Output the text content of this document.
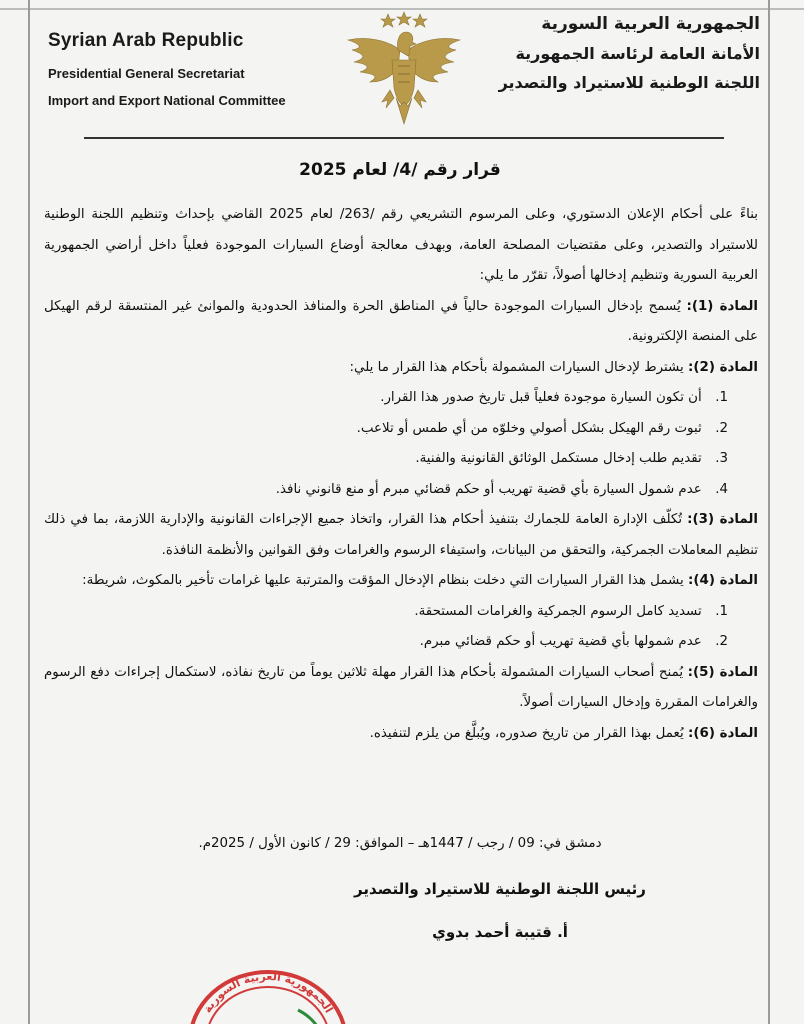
Syrian Arab Republic
Presidential General Secretariat
Import and Export National Committee
الجمهورية العربية السورية
الأمانة العامة لرئاسة الجمهورية
اللجنة الوطنية للاستيراد والتصدير
قرار رقم /4/ لعام 2025

بناءً على أحكام الإعلان الدستوري، وعلى المرسوم التشريعي رقم /263/ لعام 2025 القاضي بإحداث وتنظيم اللجنة الوطنية للاستيراد والتصدير، وعلى مقتضيات المصلحة العامة، وبهدف معالجة أوضاع السيارات الموجودة فعلياً داخل أراضي الجمهورية العربية السورية وتنظيم إدخالها أصولاً، تقرّر ما يلي:

المادة (1): يُسمح بإدخال السيارات الموجودة حالياً في المناطق الحرة والمنافذ الحدودية والموانئ غير المنتسقة لرقم الهيكل على المنصة الإلكترونية.

المادة (2): يشترط لإدخال السيارات المشمولة بأحكام هذا القرار ما يلي:

1. أن تكون السيارة موجودة فعلياً قبل تاريخ صدور هذا القرار.

2. ثبوت رقم الهيكل بشكل أصولي وخلوّه من أي طمس أو تلاعب.

3. تقديم طلب إدخال مستكمل الوثائق القانونية والفنية.

4. عدم شمول السيارة بأي قضية تهريب أو حكم قضائي مبرم أو منع قانوني نافذ.

المادة (3): تُكلّف الإدارة العامة للجمارك بتنفيذ أحكام هذا القرار، واتخاذ جميع الإجراءات القانونية والإدارية اللازمة، بما في ذلك تنظيم المعاملات الجمركية، والتحقق من البيانات، واستيفاء الرسوم والغرامات وفق القوانين والأنظمة النافذة.

المادة (4): يشمل هذا القرار السيارات التي دخلت بنظام الإدخال المؤقت والمترتبة عليها غرامات تأخير بالمكوث، شريطة:

1. تسديد كامل الرسوم الجمركية والغرامات المستحقة.

2. عدم شمولها بأي قضية تهريب أو حكم قضائي مبرم.

المادة (5): يُمنح أصحاب السيارات المشمولة بأحكام هذا القرار مهلة ثلاثين يوماً من تاريخ نفاذه، لاستكمال إجراءات دفع الرسوم والغرامات المقررة وإدخال السيارات أصولاً.

المادة (6): يُعمل بهذا القرار من تاريخ صدوره، ويُبلَّغ من يلزم لتنفيذه.

دمشق في: 09 / رجب / 1447هـ – الموافق: 29 / كانون الأول / 2025م.
رئيس اللجنة الوطنية للاستيراد والتصدير
أ. قتيبة أحمد بدوي
الجمهورية العربية السورية
